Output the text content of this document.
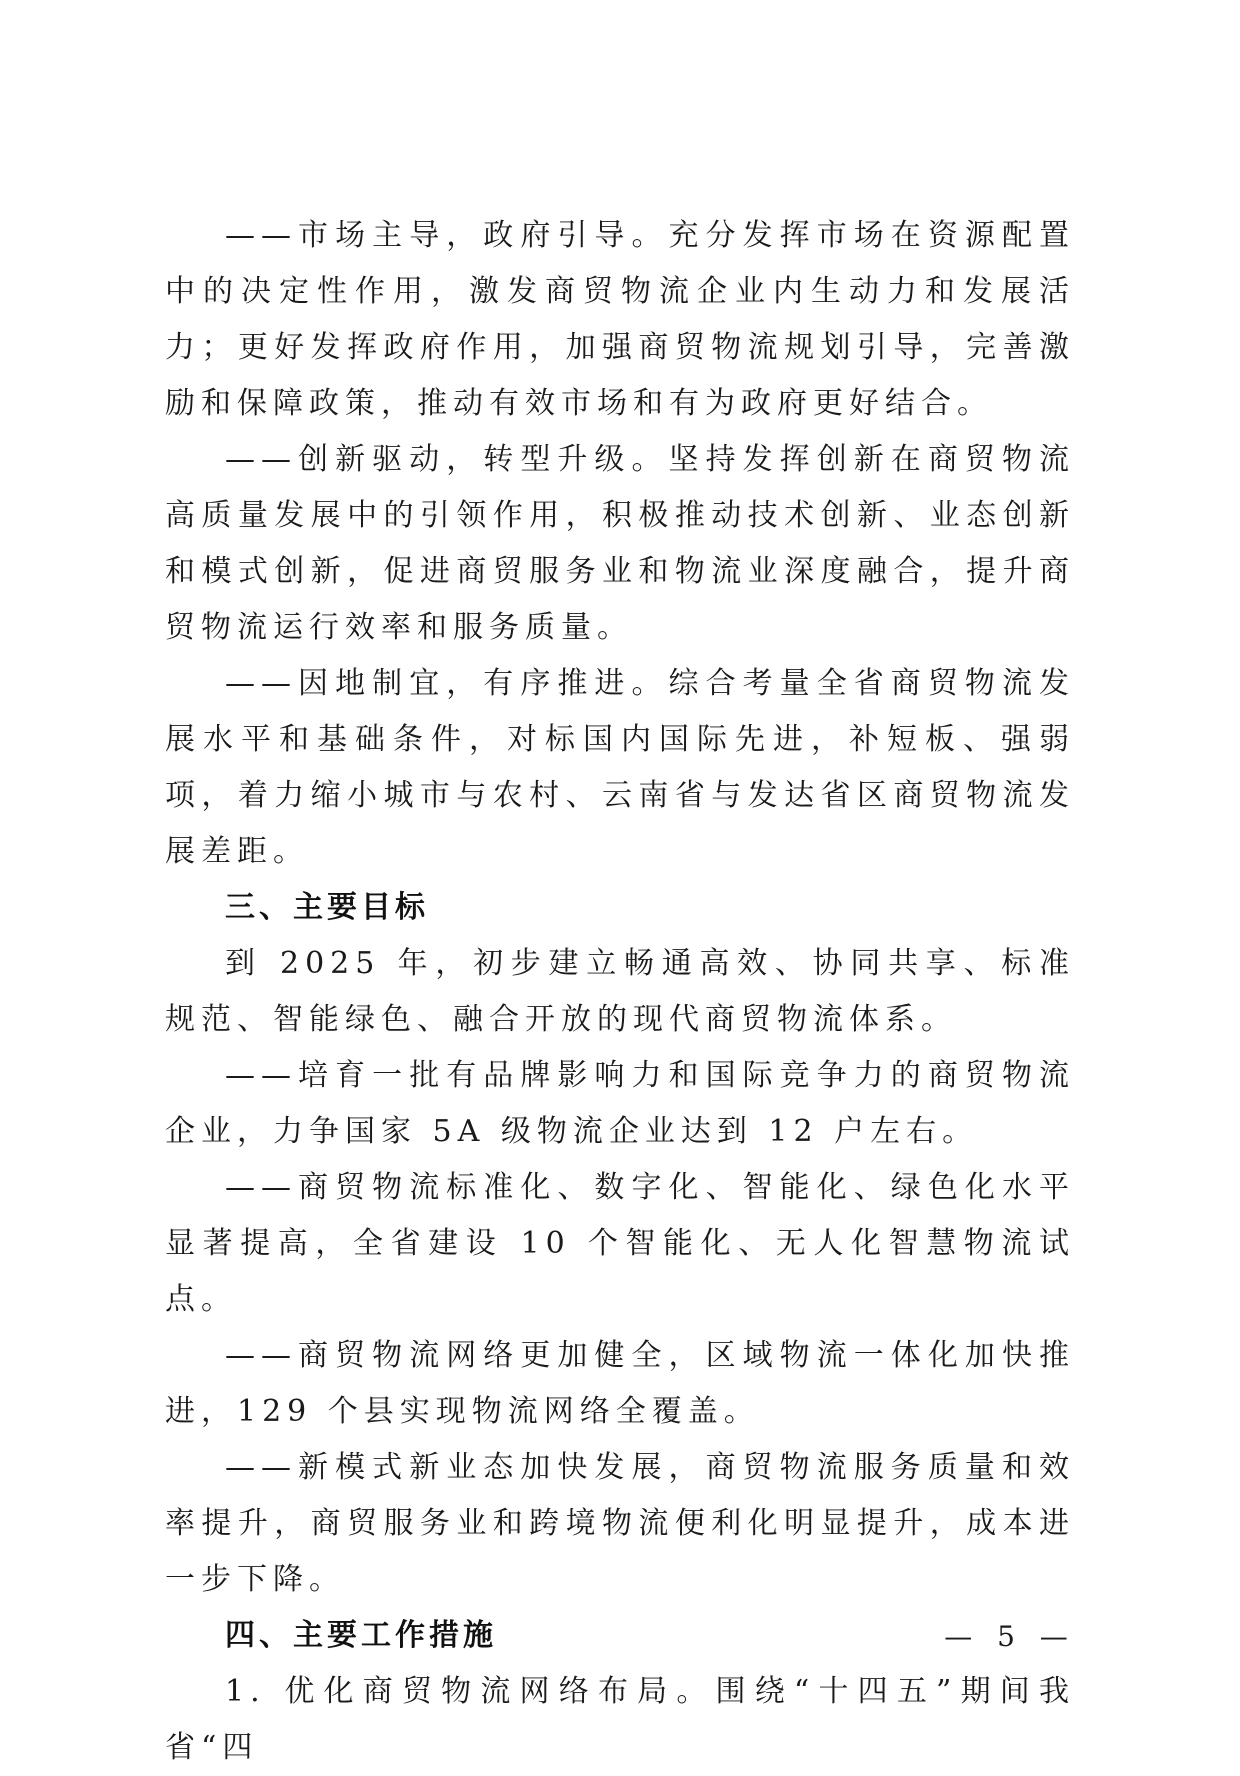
——市场主导，政府引导。充分发挥市场在资源配置中的决定性作用，激发商贸物流企业内生动力和发展活力；更好发挥政府作用，加强商贸物流规划引导，完善激励和保障政策，推动有效市场和有为政府更好结合。

——创新驱动，转型升级。坚持发挥创新在商贸物流高质量发展中的引领作用，积极推动技术创新、业态创新和模式创新，促进商贸服务业和物流业深度融合，提升商贸物流运行效率和服务质量。

——因地制宜，有序推进。综合考量全省商贸物流发展水平和基础条件，对标国内国际先进，补短板、强弱项，着力缩小城市与农村、云南省与发达省区商贸物流发展差距。

三、主要目标

到 2025 年，初步建立畅通高效、协同共享、标准规范、智能绿色、融合开放的现代商贸物流体系。

——培育一批有品牌影响力和国际竞争力的商贸物流企业，力争国家 5A 级物流企业达到 12 户左右。

——商贸物流标准化、数字化、智能化、绿色化水平显著提高，全省建设 10 个智能化、无人化智慧物流试点。

——商贸物流网络更加健全，区域物流一体化加快推进，129 个县实现物流网络全覆盖。

——新模式新业态加快发展，商贸物流服务质量和效率提升，商贸服务业和跨境物流便利化明显提升，成本进一步下降。

四、主要工作措施

1. 优化商贸物流网络布局。围绕“十四五”期间我省“四

— 5 —
